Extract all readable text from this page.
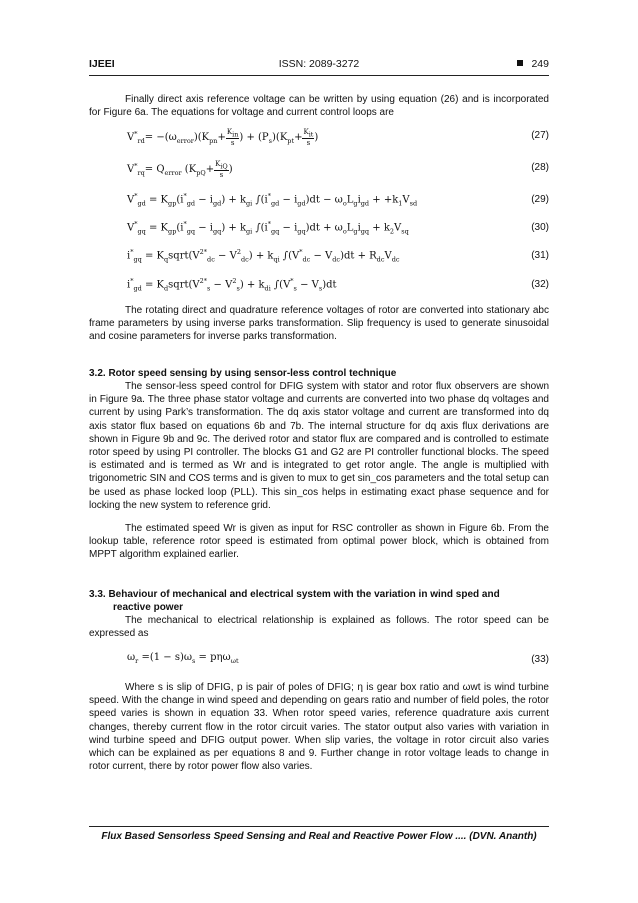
IJEEI	ISSN: 2089-3272	249

Finally direct axis reference voltage can be written by using equation (26) and is incorporated for Figure 6a. The equations for voltage and current control loops are

$V^*_{rd}= -(\omega_{error})(K_{pn}+ \frac{K_{in}}{s}$ ) + $(P_s)(K_{pt}+ \frac{K_{it}}{s}$ )	(27)
$V^*_{rq}= Q_{error}$ ($K_{pQ}+ \frac{K_{iQ}}{s}$ )	(28)
$V^*_{gd} = K_{gp}(i^*_{gd} - i_{gd}) + k_{gi}$ $\int(i^*_{gd} - i_{gd})dt - \omega_oL_gi_{gd} + +k_1V_{sd}$	(29)
$V^*_{gq} = K_{gp}(i^*_{gq} - i_{gq}) + k_{gi}$ $\int(i^*_{gq} - i_{gq})dt + \omega_oL_gi_{gq} + k_2V_{sq}$	(30)
$i^*_{gq}$ = $K_qsqrt(V^{2*}_{dc} - V^2_{dc}) + k_{qi}$ $\int(V^*_{dc} - V_{dc})dt + R_{dc}V_{dc}$	(31)
$i^*_{gd}$ = $K_dsqrt(V^{2*}_s - V^2_s) + k_{di}$ $\int(V^*_s - V_s)dt$	(32)

The rotating direct and quadrature reference voltages of rotor are converted into stationary abc frame parameters by using inverse parks transformation. Slip frequency is used to generate sinusoidal and cosine parameters for inverse parks transformation.

3.2. Rotor speed sensing by using sensor-less control technique

The sensor-less speed control for DFIG system with stator and rotor flux observers are shown in Figure 9a. The three phase stator voltage and currents are converted into two phase dq voltages and current by using Park’s transformation. The dq axis stator voltage and current are transformed into dq axis stator flux based on equations 6b and 7b. The internal structure for dq axis flux derivations are shown in Figure 9b and 9c. The derived rotor and stator flux are compared and is controlled to estimate rotor speed by using PI controller. The blocks G1 and G2 are PI controller functional blocks. The speed is estimated and is termed as Wr and is integrated to get rotor angle. The angle is multiplied with trigonometric SIN and COS terms and is given to mux to get sin_cos parameters and the total setup can be used as phase locked loop (PLL). This sin_cos helps in estimating exact phase sequence and for locking the new system to reference grid.

The estimated speed Wr is given as input for RSC controller as shown in Figure 6b. From the lookup table, reference rotor speed is estimated from optimal power block, which is obtained from MPPT algorithm explained earlier.

3.3. Behaviour of mechanical and electrical system with the variation in wind sped and
reactive power

The mechanical to electrical relationship is explained as follows. The rotor speed can be expressed as

$\omega_r =(1 - s)\omega_s = p\eta\omega_{\omega t}$	(33)

Where s is slip of DFIG, p is pair of poles of DFIG; η is gear box ratio and ωwt is wind turbine speed. With the change in wind speed and depending on gears ratio and number of field poles, the rotor speed varies is shown in equation 33. When rotor speed varies, reference quadrature axis current changes, thereby current flow in the rotor circuit varies. The stator output also varies with variation in wind turbine speed and DFIG output power. When slip varies, the voltage in rotor circuit also varies which can be explained as per equations 8 and 9. Further change in rotor voltage leads to change in rotor current, there by rotor power flow also varies.

Flux Based Sensorless Speed Sensing and Real and Reactive Power Flow .... (DVN. Ananth)
